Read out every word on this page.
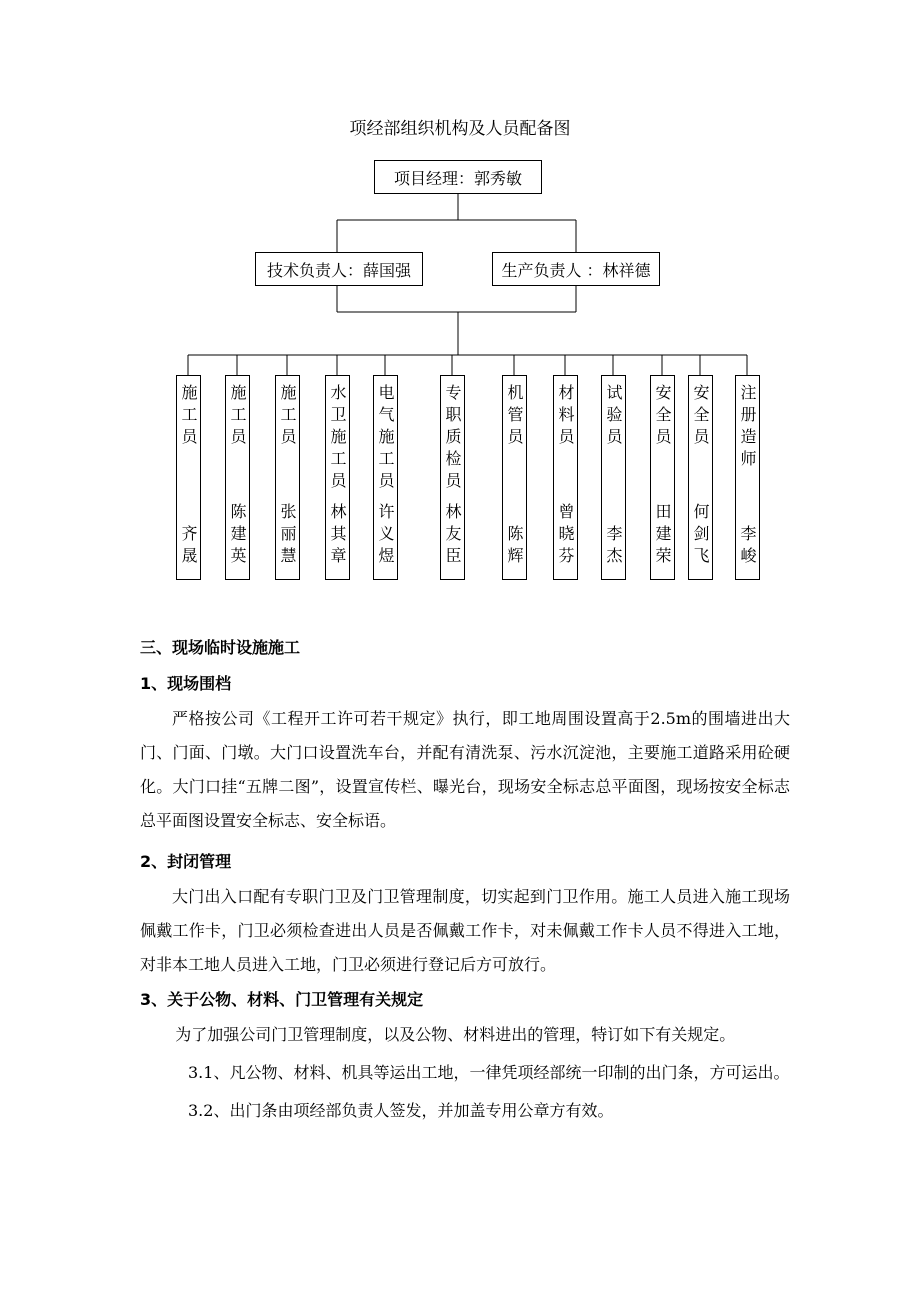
项经部组织机构及人员配备图
项目经理：郭秀敏
技术负责人：薛国强	生产负责人 ：林祥德
施工员
齐晟
施工员
陈建英
施工员
张丽慧
水卫施工员
林其章
电气施工员
许义煜
专职质检员
林友臣
机管员
陈辉
材料员
曾晓芬
试验员
李杰
安全员
田建荣
安全员
何剑飞
注册造师
李峻
三、现场临时设施施工
1、现场围档

严格按公司《工程开工许可若干规定》执行，即工地周围设置高于2.5m的围墙进出大门、门面、门墩。大门口设置洗车台，并配有清洗泵、污水沉淀池，主要施工道路采用砼硬化。大门口挂“五牌二图”，设置宣传栏、曝光台，现场安全标志总平面图，现场按安全标志总平面图设置安全标志、安全标语。

2、封闭管理

大门出入口配有专职门卫及门卫管理制度，切实起到门卫作用。施工人员进入施工现场佩戴工作卡，门卫必须检查进出人员是否佩戴工作卡，对未佩戴工作卡人员不得进入工地，对非本工地人员进入工地，门卫必须进行登记后方可放行。

3、关于公物、材料、门卫管理有关规定

为了加强公司门卫管理制度，以及公物、材料进出的管理，特订如下有关规定。

3.1、凡公物、材料、机具等运出工地，一律凭项经部统一印制的出门条，方可运出。

3.2、出门条由项经部负责人签发，并加盖专用公章方有效。
